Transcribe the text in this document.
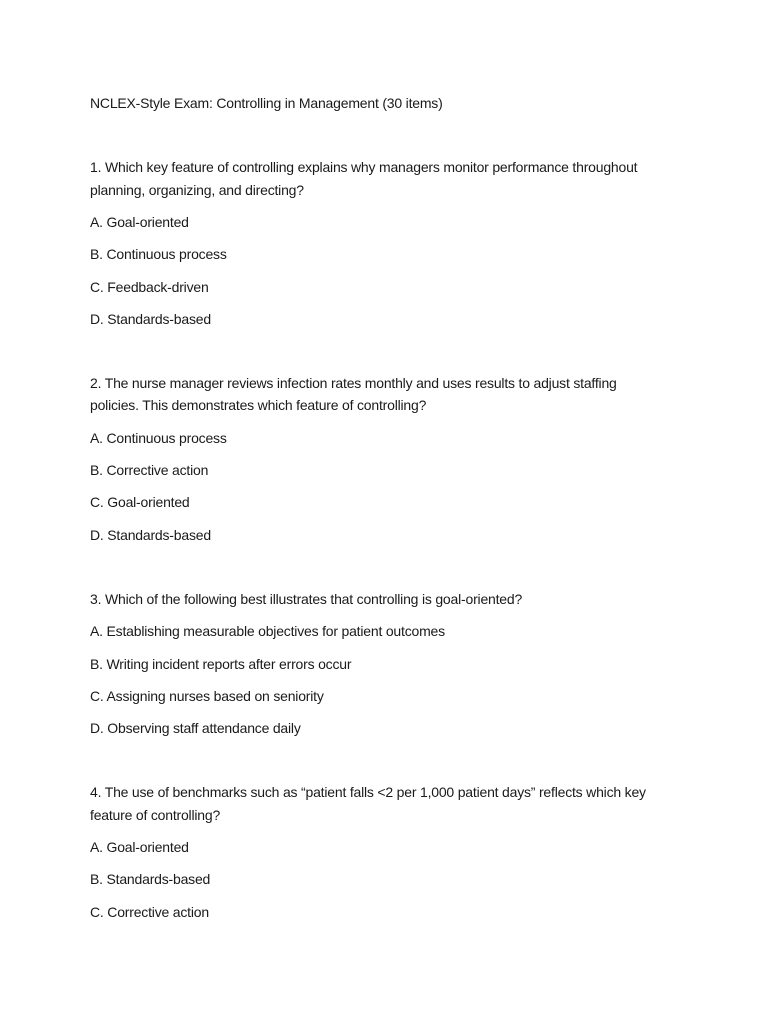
NCLEX-Style Exam: Controlling in Management (30 items)

1. Which key feature of controlling explains why managers monitor performance throughout
planning, organizing, and directing?

A. Goal-oriented
B. Continuous process
C. Feedback-driven
D. Standards-based

2. The nurse manager reviews infection rates monthly and uses results to adjust staffing
policies. This demonstrates which feature of controlling?

A. Continuous process
B. Corrective action
C. Goal-oriented
D. Standards-based

3. Which of the following best illustrates that controlling is goal-oriented?

A. Establishing measurable objectives for patient outcomes
B. Writing incident reports after errors occur
C. Assigning nurses based on seniority
D. Observing staff attendance daily

4. The use of benchmarks such as “patient falls <2 per 1,000 patient days” reflects which key
feature of controlling?

A. Goal-oriented
B. Standards-based
C. Corrective action
